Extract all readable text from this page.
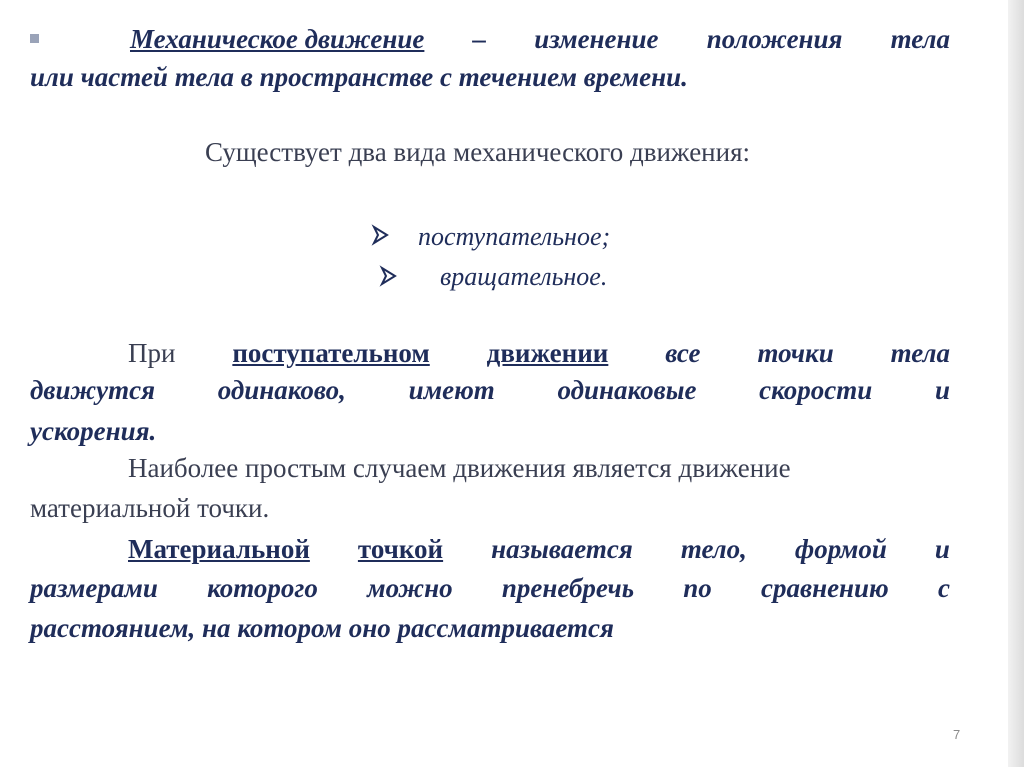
Механическое движение – изменение положения тела
или частей тела в пространстве с течением времени.
Существует два вида механического движения:
поступательное;
вращательное.
При поступательном движении все точки тела
движутся одинаково, имеют одинаковые скорости и
ускорения.
Наиболее простым случаем движения является движение
материальной точки.
Материальной точкой называется тело, формой и
размерами которого можно пренебречь по сравнению с
расстоянием, на котором оно рассматривается
7
